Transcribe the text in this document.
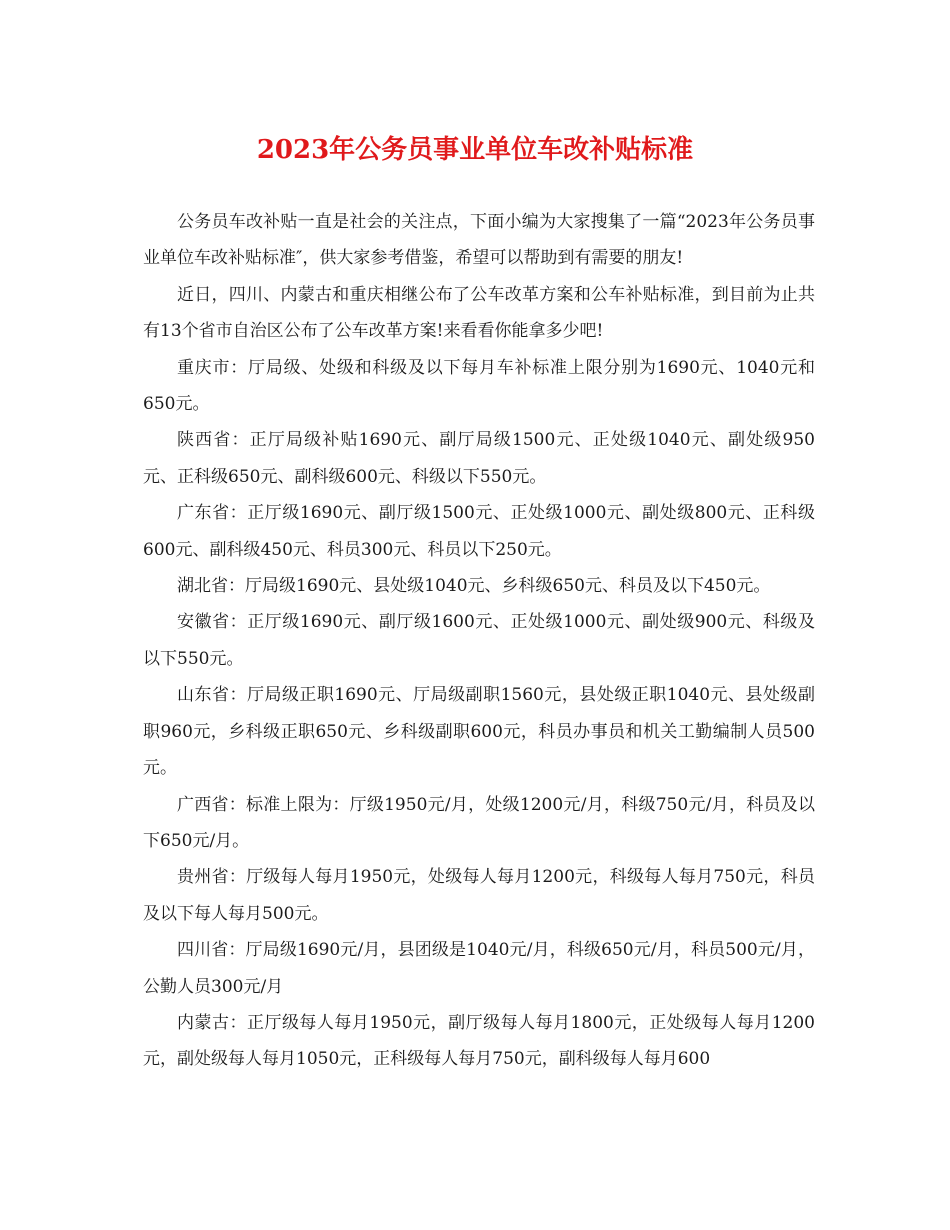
2023年公务员事业单位车改补贴标准

公务员车改补贴一直是社会的关注点，下面小编为大家搜集了一篇“2023年公务员事业单位车改补贴标准″，供大家参考借鉴，希望可以帮助到有需要的朋友!

近日，四川、内蒙古和重庆相继公布了公车改革方案和公车补贴标准，到目前为止共有13个省市自治区公布了公车改革方案!来看看你能拿多少吧!

重庆市：厅局级、处级和科级及以下每月车补标准上限分别为1690元、1040元和650元。

陕西省：正厅局级补贴1690元、副厅局级1500元、正处级1040元、副处级950元、正科级650元、副科级600元、科级以下550元。

广东省：正厅级1690元、副厅级1500元、正处级1000元、副处级800元、正科级600元、副科级450元、科员300元、科员以下250元。

湖北省：厅局级1690元、县处级1040元、乡科级650元、科员及以下450元。

安徽省：正厅级1690元、副厅级1600元、正处级1000元、副处级900元、科级及以下550元。

山东省：厅局级正职1690元、厅局级副职1560元，县处级正职1040元、县处级副职960元，乡科级正职650元、乡科级副职600元，科员办事员和机关工勤编制人员500元。

广西省：标准上限为：厅级1950元/月，处级1200元/月，科级750元/月，科员及以下650元/月。

贵州省：厅级每人每月1950元，处级每人每月1200元，科级每人每月750元，科员及以下每人每月500元。

四川省：厅局级1690元/月，县团级是1040元/月，科级650元/月，科员500元/月，公勤人员300元/月

内蒙古：正厅级每人每月1950元，副厅级每人每月1800元，正处级每人每月1200元，副处级每人每月1050元，正科级每人每月750元，副科级每人每月600
